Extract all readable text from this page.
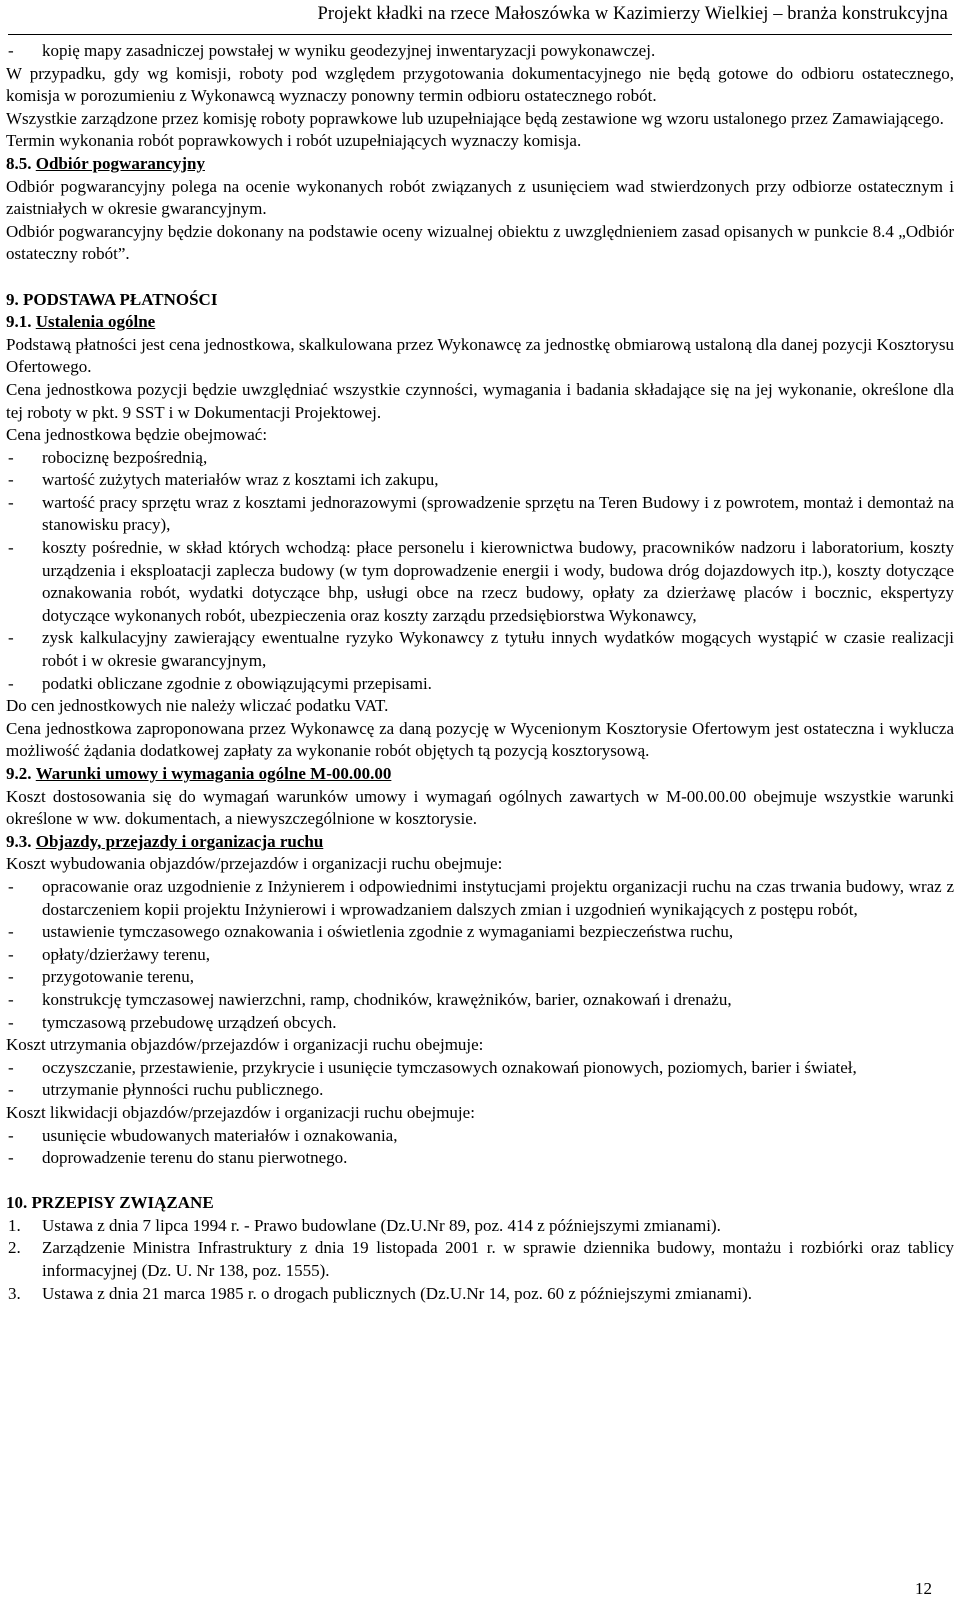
Projekt kładki na rzece Małoszówka w Kazimierzy Wielkiej – branża konstrukcyjna

- kopię mapy zasadniczej powstałej w wyniku geodezyjnej inwentaryzacji powykonawczej.

W przypadku, gdy wg komisji, roboty pod względem przygotowania dokumentacyjnego nie będą gotowe do odbioru ostatecznego, komisja w porozumieniu z Wykonawcą wyznaczy ponowny termin odbioru ostatecznego robót.

Wszystkie zarządzone przez komisję roboty poprawkowe lub uzupełniające będą zestawione wg wzoru ustalonego przez Zamawiającego.

Termin wykonania robót poprawkowych i robót uzupełniających wyznaczy komisja.

8.5. Odbiór pogwarancyjny

Odbiór pogwarancyjny polega na ocenie wykonanych robót związanych z usunięciem wad stwierdzonych przy odbiorze ostatecznym i zaistniałych w okresie gwarancyjnym.

Odbiór pogwarancyjny będzie dokonany na podstawie oceny wizualnej obiektu z uwzględnieniem zasad opisanych w punkcie 8.4 „Odbiór ostateczny robót”.

9. PODSTAWA PŁATNOŚCI

9.1. Ustalenia ogólne

Podstawą płatności jest cena jednostkowa, skalkulowana przez Wykonawcę za jednostkę obmiarową ustaloną dla danej pozycji Kosztorysu Ofertowego.

Cena jednostkowa pozycji będzie uwzględniać wszystkie czynności, wymagania i badania składające się na jej wykonanie, określone dla tej roboty w pkt. 9 SST i w Dokumentacji Projektowej.

Cena jednostkowa będzie obejmować:

- robociznę bezpośrednią,

- wartość zużytych materiałów wraz z kosztami ich zakupu,

- wartość pracy sprzętu wraz z kosztami jednorazowymi (sprowadzenie sprzętu na Teren Budowy i z powrotem, montaż i demontaż na stanowisku pracy),

- koszty pośrednie, w skład których wchodzą: płace personelu i kierownictwa budowy, pracowników nadzoru i laboratorium, koszty urządzenia i eksploatacji zaplecza budowy (w tym doprowadzenie energii i wody, budowa dróg dojazdowych itp.), koszty dotyczące oznakowania robót, wydatki dotyczące bhp, usługi obce na rzecz budowy, opłaty za dzierżawę placów i bocznic, ekspertyzy dotyczące wykonanych robót, ubezpieczenia oraz koszty zarządu przedsiębiorstwa Wykonawcy,

- zysk kalkulacyjny zawierający ewentualne ryzyko Wykonawcy z tytułu innych wydatków mogących wystąpić w czasie realizacji robót i w okresie gwarancyjnym,

- podatki obliczane zgodnie z obowiązującymi przepisami.

Do cen jednostkowych nie należy wliczać podatku VAT.

Cena jednostkowa zaproponowana przez Wykonawcę za daną pozycję w Wycenionym Kosztorysie Ofertowym jest ostateczna i wyklucza możliwość żądania dodatkowej zapłaty za wykonanie robót objętych tą pozycją kosztorysową.

9.2. Warunki umowy i wymagania ogólne M-00.00.00

Koszt dostosowania się do wymagań warunków umowy i wymagań ogólnych zawartych w M-00.00.00 obejmuje wszystkie warunki określone w ww. dokumentach, a niewyszczególnione w kosztorysie.

9.3. Objazdy, przejazdy i organizacja ruchu

Koszt wybudowania objazdów/przejazdów i organizacji ruchu obejmuje:

- opracowanie oraz uzgodnienie z Inżynierem i odpowiednimi instytucjami projektu organizacji ruchu na czas trwania budowy, wraz z dostarczeniem kopii projektu Inżynierowi i wprowadzaniem dalszych zmian i uzgodnień wynikających z postępu robót,

- ustawienie tymczasowego oznakowania i oświetlenia zgodnie z wymaganiami bezpieczeństwa ruchu,

- opłaty/dzierżawy terenu,

- przygotowanie terenu,

- konstrukcję tymczasowej nawierzchni, ramp, chodników, krawężników, barier, oznakowań i drenażu,

- tymczasową przebudowę urządzeń obcych.

Koszt utrzymania objazdów/przejazdów i organizacji ruchu obejmuje:

- oczyszczanie, przestawienie, przykrycie i usunięcie tymczasowych oznakowań pionowych, poziomych, barier i świateł,

- utrzymanie płynności ruchu publicznego.

Koszt likwidacji objazdów/przejazdów i organizacji ruchu obejmuje:

- usunięcie wbudowanych materiałów i oznakowania,

- doprowadzenie terenu do stanu pierwotnego.

10. PRZEPISY ZWIĄZANE

1. Ustawa z dnia 7 lipca 1994 r. - Prawo budowlane (Dz.U.Nr 89, poz. 414 z późniejszymi zmianami).

2. Zarządzenie Ministra Infrastruktury z dnia 19 listopada 2001 r. w sprawie dziennika budowy, montażu i rozbiórki oraz tablicy informacyjnej (Dz. U. Nr 138, poz. 1555).

3. Ustawa z dnia 21 marca 1985 r. o drogach publicznych (Dz.U.Nr 14, poz. 60 z późniejszymi zmianami).

12
